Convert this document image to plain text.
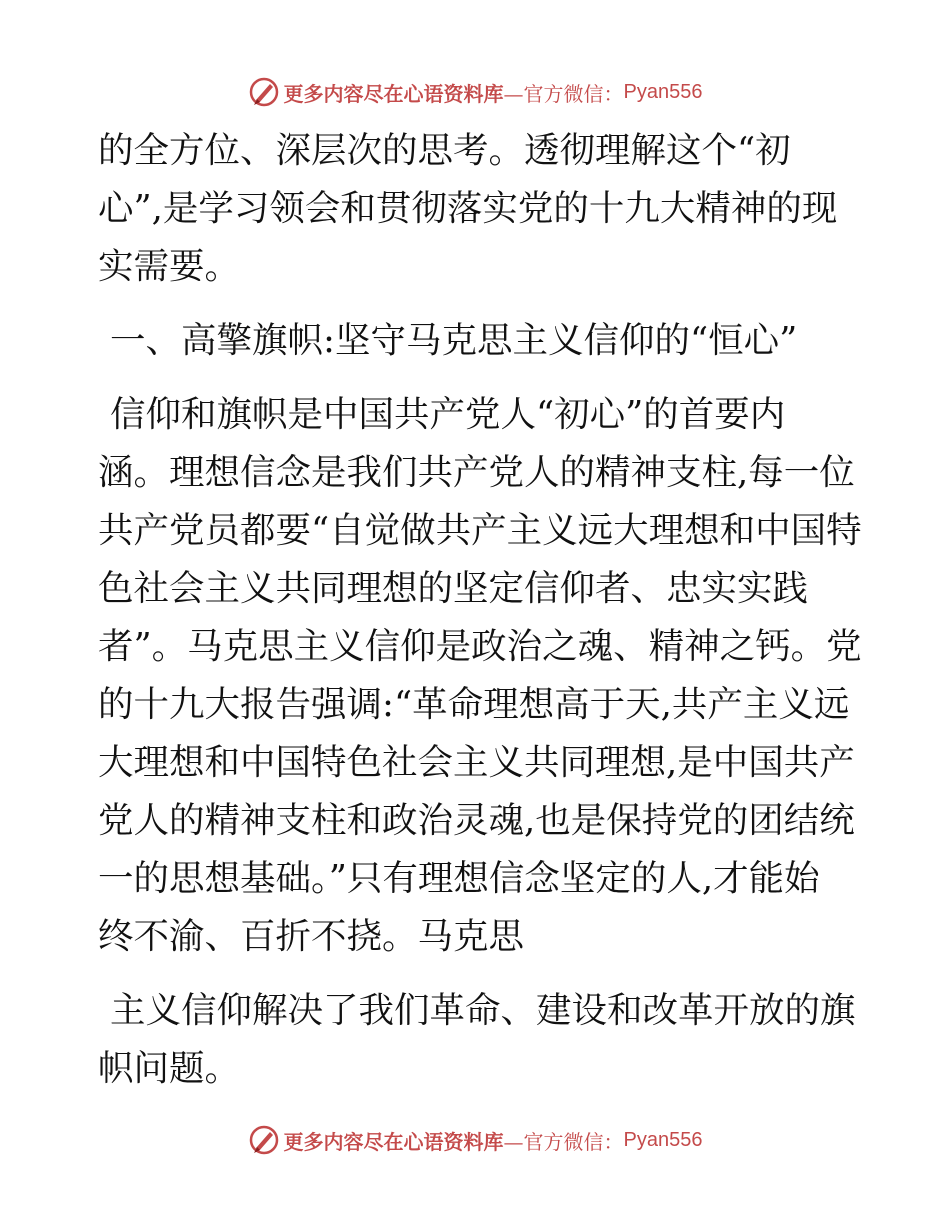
更多内容尽在心语资料库 —官方微信： Pyan556

的全方位、深层次的思考。透彻理解这个“初
心”,是学习领会和贯彻落实党的十九大精神的现
实需要。

一、高擎旗帜:坚守马克思主义信仰的“恒心”

信仰和旗帜是中国共产党人“初心”的首要内
涵。理想信念是我们共产党人的精神支柱,每一位
共产党员都要“自觉做共产主义远大理想和中国特
色社会主义共同理想的坚定信仰者、忠实实践
者”。马克思主义信仰是政治之魂、精神之钙。党
的十九大报告强调:“革命理想高于天,共产主义远
大理想和中国特色社会主义共同理想,是中国共产
党人的精神支柱和政治灵魂,也是保持党的团结统
一的思想基础。”只有理想信念坚定的人,才能始
终不渝、百折不挠。马克思

主义信仰解决了我们革命、建设和改革开放的旗
帜问题。

更多内容尽在心语资料库 —官方微信： Pyan556
